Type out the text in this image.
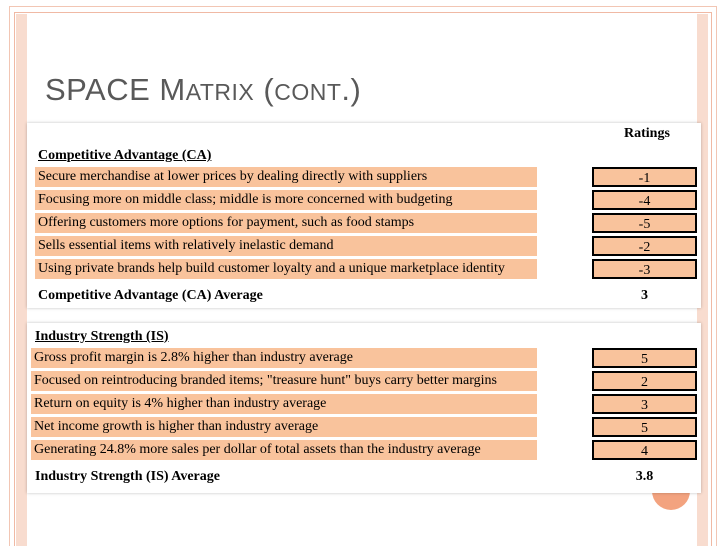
SPACE MATRIX (CONT.)
Ratings
Competitive Advantage (CA)
Secure merchandise at lower prices by dealing directly with suppliers	-1
Focusing more on middle class; middle is more concerned with budgeting	-4
Offering customers more options for payment, such as food stamps	-5
Sells essential items with relatively inelastic demand	-2
Using private brands help build customer loyalty and a unique marketplace identity	-3
Competitive Advantage (CA) Average	3
Industry Strength (IS)
Gross profit margin is 2.8% higher than industry average	5
Focused on reintroducing branded items; "treasure hunt" buys carry better margins	2
Return on equity is 4% higher than industry average	3
Net income growth is higher than industry average	5
Generating 24.8% more sales per dollar of total assets than the industry average	4
Industry Strength (IS) Average	3.8
